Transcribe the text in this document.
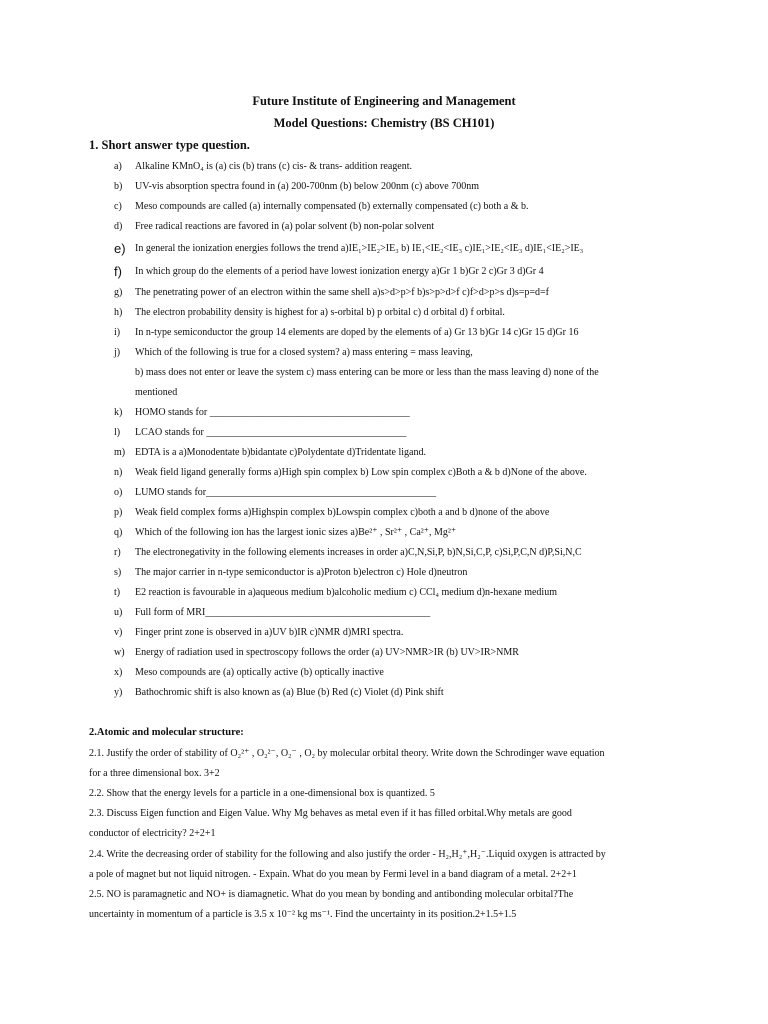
Future Institute of Engineering and Management
Model Questions: Chemistry (BS CH101)
1. Short answer type question.
a)	Alkaline KMnO₄ is (a) cis (b) trans (c) cis- & trans- addition reagent.
b)	UV-vis absorption spectra found in (a) 200-700nm (b) below 200nm (c) above 700nm
c)	Meso compounds are called (a) internally compensated (b) externally compensated (c) both a & b.
d)	Free radical reactions are favored in (a) polar solvent (b) non-polar solvent
e) In general the ionization energies follows the trend a)IE₁>IE₂>IE₃ b) IE₁<IE₂<IE₃ c)IE₁>IE₂<IE₃ d)IE₁<IE₂>IE₃
f)	In which group do the elements of a period have lowest ionization energy a)Gr 1 b)Gr 2 c)Gr 3 d)Gr 4
g)	The penetrating power of an electron within the same shell a)s>d>p>f b)s>p>d>f c)f>d>p>s d)s=p=d=f
h)	The electron probability density is highest for a) s-orbital b) p orbital c) d orbital d) f orbital.
i)	In n-type semiconductor the group 14 elements are doped by the elements of a) Gr 13 b)Gr 14 c)Gr 15 d)Gr 16
j)	Which of the following is true for a closed system? a) mass entering = mass leaving,
b) mass does not enter or leave the system c) mass entering can be more or less than the mass leaving d) none of the
mentioned
k)	HOMO stands for ________________________________________
l)	LCAO stands for ________________________________________
m) EDTA is a a)Monodentate b)bidantate c)Polydentate d)Tridentate ligand.
n)	Weak field ligand generally forms a)High spin complex b) Low spin complex c)Both a & b d)None of the above.
o)	LUMO stands for______________________________________________
p)	Weak field complex forms a)Highspin complex b)Lowspin complex c)both a and b d)none of the above
q)	Which of the following ion has the largest ionic sizes a)Be²⁺ , Sr²⁺ , Ca²⁺, Mg²⁺
r)	The electronegativity in the following elements increases in order a)C,N,Si,P, b)N,Si,C,P, c)Si,P,C,N d)P,Si,N,C
s)	The major carrier in n-type semiconductor is a)Proton b)electron c) Hole d)neutron
t)	E2 reaction is favourable in a)aqueous medium b)alcoholic medium c) CCl₄ medium d)n-hexane medium
u)	Full form of MRI_____________________________________________
v)	Finger print zone is observed in a)UV b)IR c)NMR d)MRI spectra.
w)	Energy of radiation used in spectroscopy follows the order (a) UV>NMR>IR (b) UV>IR>NMR
x)	Meso compounds are (a) optically active (b) optically inactive
y)	Bathochromic shift is also known as (a) Blue (b) Red (c) Violet (d) Pink shift
2.Atomic and molecular structure:
2.1. Justify the order of stability of O₂²⁺ , O₂²⁻, O₂⁻ , O₂ by molecular orbital theory. Write down the Schrodinger wave equation
for a three dimensional box. 3+2
2.2. Show that the energy levels for a particle in a one-dimensional box is quantized. 5
2.3. Discuss Eigen function and Eigen Value. Why Mg behaves as metal even if it has filled orbital.Why metals are good
conductor of electricity? 2+2+1
2.4. Write the decreasing order of stability for the following and also justify the order - H₂,H₂⁺,H₂⁻.Liquid oxygen is attracted by
a pole of magnet but not liquid nitrogen. - Expain. What do you mean by Fermi level in a band diagram of a metal. 2+2+1
2.5. NO is paramagnetic and NO+ is diamagnetic. What do you mean by bonding and antibonding molecular orbital?The
uncertainty in momentum of a particle is 3.5 x 10⁻² kg ms⁻¹. Find the uncertainty in its position.2+1.5+1.5
